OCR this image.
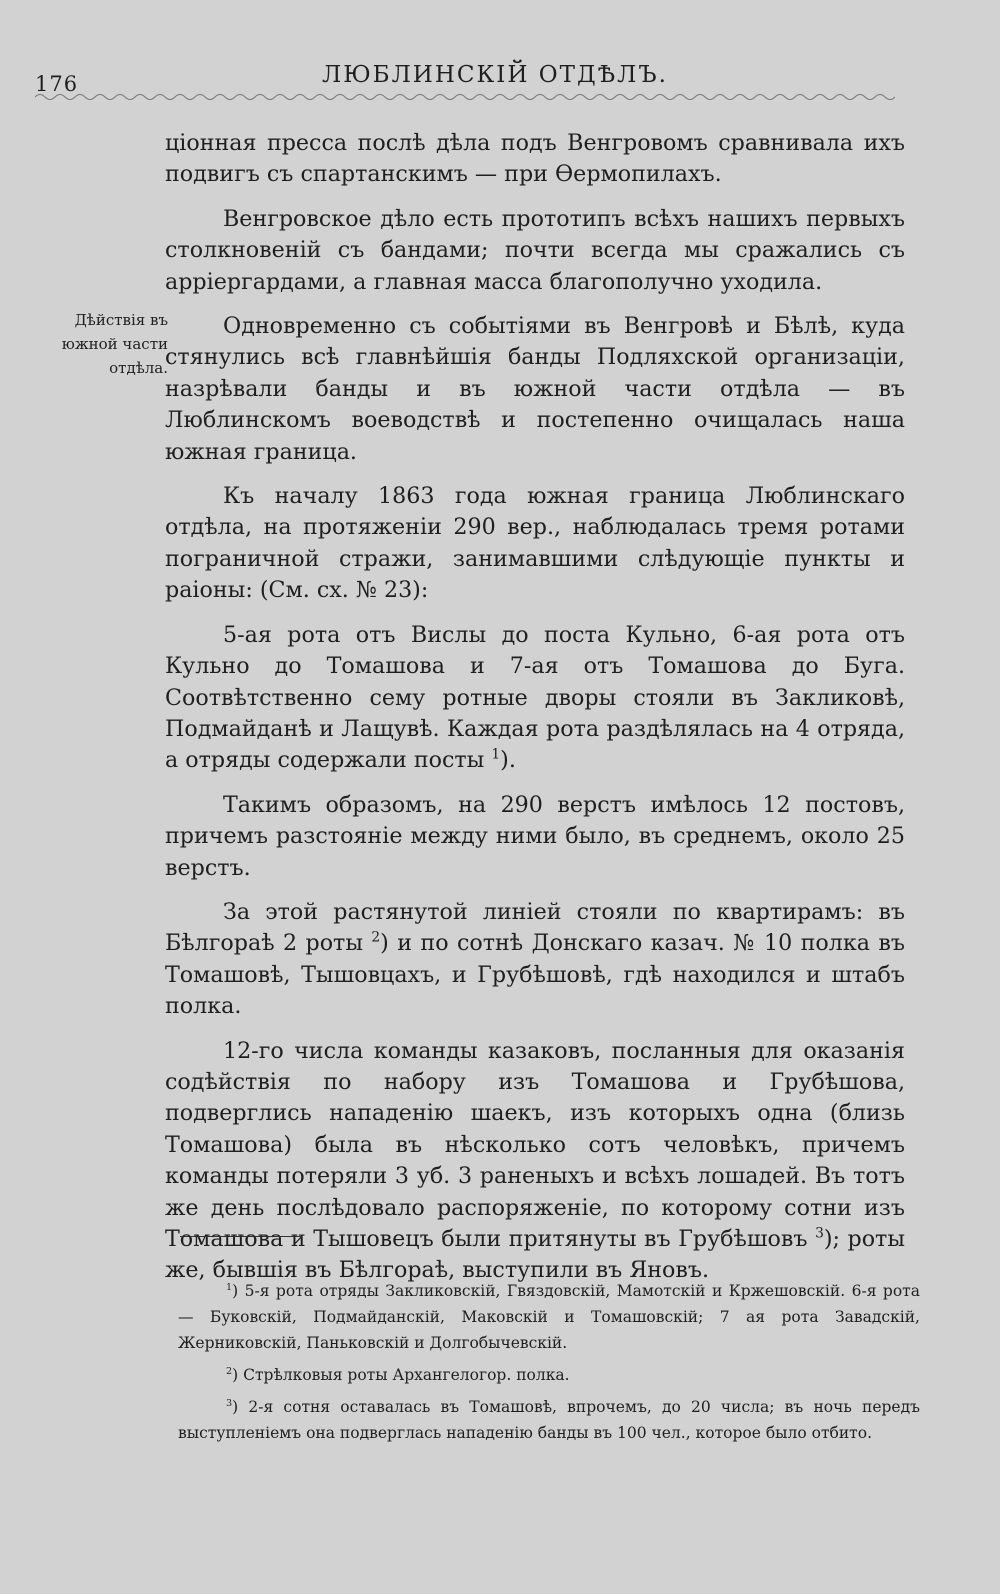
176	ЛЮБЛИНСКIЙ ОТДѢЛЪ.
Дѣйствія въ
южной части
отдѣла.

ціонная пресса послѣ дѣла подъ Венгровомъ сравнивала ихъ подвигъ съ спартанскимъ — при Өермопилахъ.

Венгровское дѣло есть прототипъ всѣхъ нашихъ первыхъ столкновеній съ бандами; почти всегда мы сражались съ арріергардами, а главная масса благополучно уходила.

Одновременно съ событіями въ Венгровѣ и Бѣлѣ, куда стянулись всѣ главнѣйшія банды Подляхской организаціи, назрѣвали банды и въ южной части отдѣла — въ Люблинскомъ воеводствѣ и постепенно очищалась наша южная граница.

Къ началу 1863 года южная граница Люблинскаго отдѣла, на протяженіи 290 вер., наблюдалась тремя ротами пограничной стражи, занимавшими слѣдующіе пункты и раіоны: (См. сх. № 23):

5-ая рота отъ Вислы до поста Кульно, 6-ая рота отъ Кульно до Томашова и 7-ая отъ Томашова до Буга. Соотвѣтственно сему ротные дворы стояли въ Закликовѣ, Подмайданѣ и Лащувѣ. Каждая рота раздѣлялась на 4 отряда, а отряды содержали посты $^1$).

Такимъ образомъ, на 290 верстъ имѣлось 12 постовъ, причемъ разстояніе между ними было, въ среднемъ, около 25 верстъ.

За этой растянутой линіей стояли по квартирамъ: въ Бѣлгораѣ 2 роты $^2$) и по сотнѣ Донскаго казач. № 10 полка въ Томашовѣ, Тышовцахъ, и Грубѣшовѣ, гдѣ находился и штабъ полка.

12-го числа команды казаковъ, посланныя для оказанія содѣйствія по набору изъ Томашова и Грубѣшова, подверглись нападенію шаекъ, изъ которыхъ одна (близь Томашова) была въ нѣсколько сотъ человѣкъ, причемъ команды потеряли 3 уб. 3 раненыхъ и всѣхъ лошадей. Въ тотъ же день послѣдовало распоряженіе, по которому сотни изъ Томашова и Тышовецъ были притянуты въ Грубѣшовъ $^3$); роты же, бывшія въ Бѣлгораѣ, выступили въ Яновъ.

$^1$) 5-я рота отряды Закликовскій, Гвяздовскій, Мамотскій и Кржешовскій. 6-я рота — Буковскій, Подмайданскій, Маковскій и Томашовскій; 7 ая рота Завадскій, Жерниковскій, Паньковскій и Долгобычевскій.

$^2$) Стрѣлковыя роты Архангелогор. полка.

$^3$) 2-я сотня оставалась въ Томашовѣ, впрочемъ, до 20 числа; въ ночь передъ выступленіемъ она подверглась нападенію банды въ 100 чел., которое было отбито.
